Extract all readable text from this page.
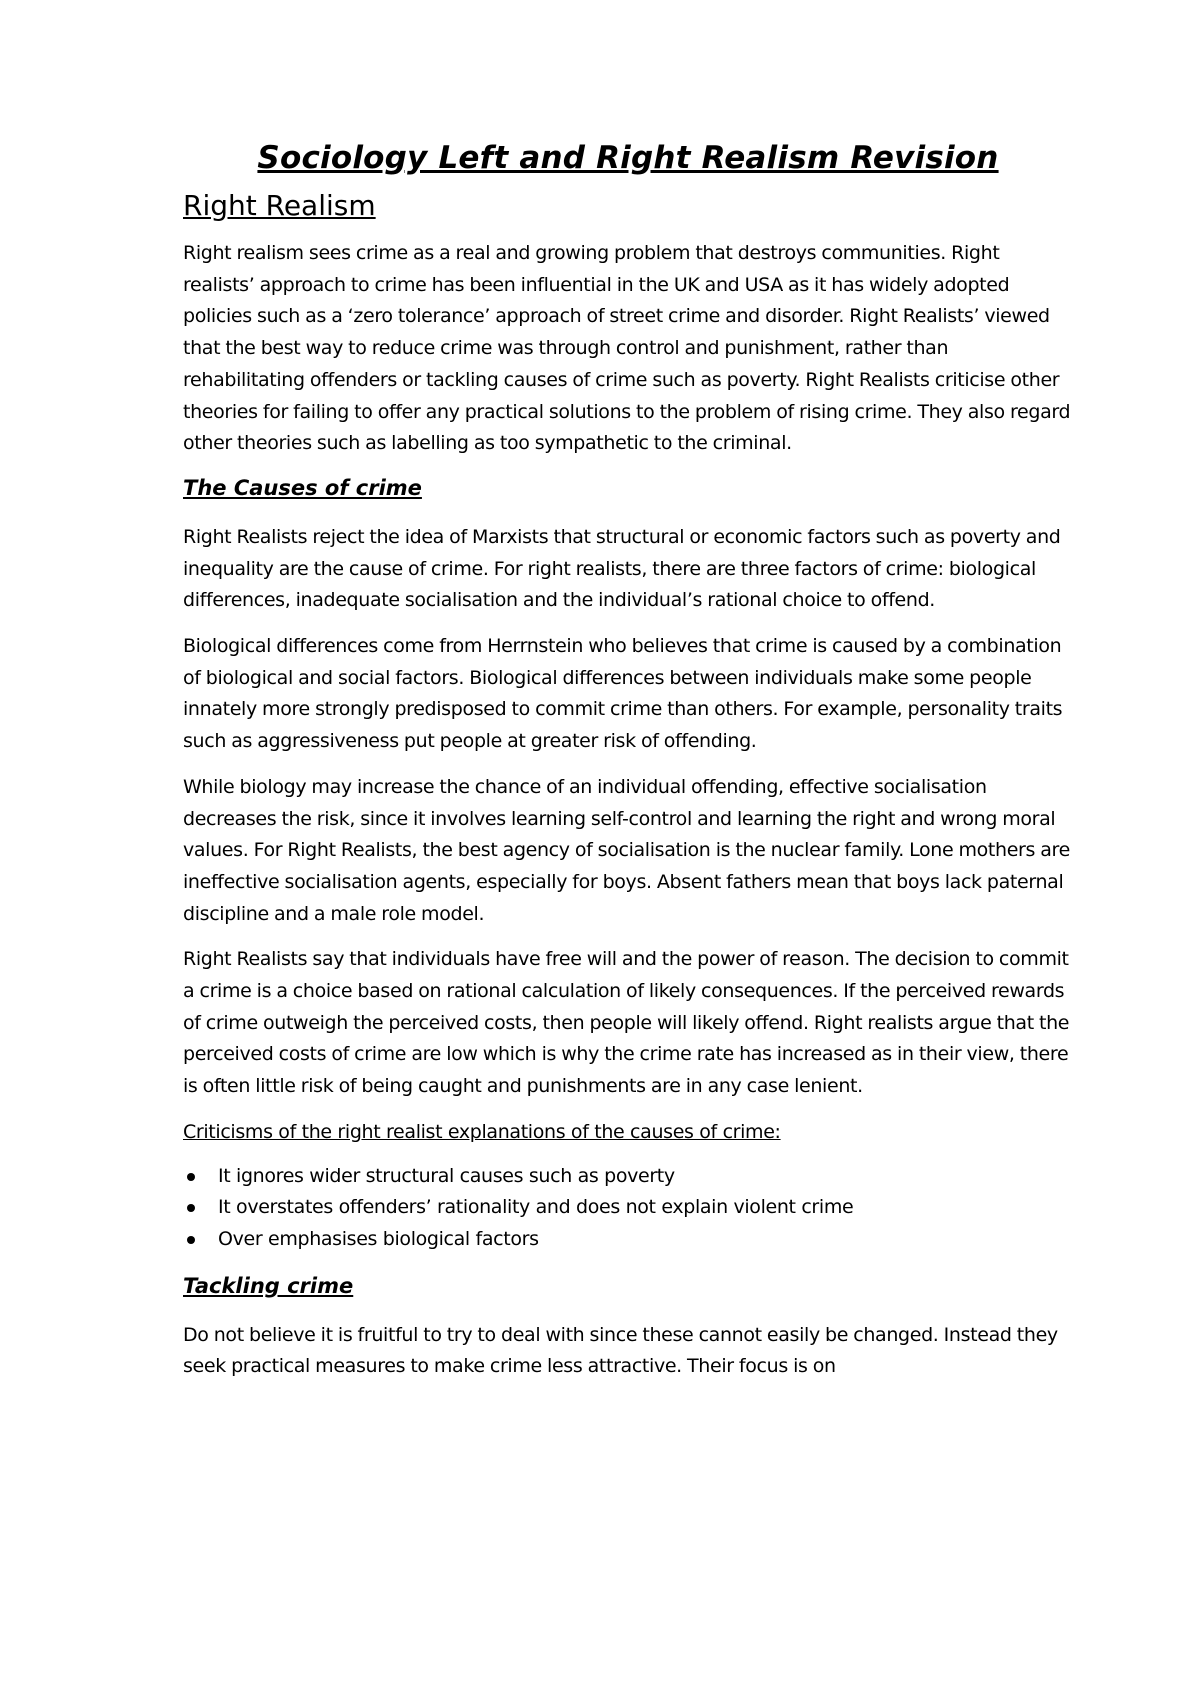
Sociology Left and Right Realism Revision
Right Realism

Right realism sees crime as a real and growing problem that destroys communities. Right realists’ approach to crime has been influential in the UK and USA as it has widely adopted policies such as a ‘zero tolerance’ approach of street crime and disorder. Right Realists’ viewed that the best way to reduce crime was through control and punishment, rather than rehabilitating offenders or tackling causes of crime such as poverty. Right Realists criticise other theories for failing to offer any practical solutions to the problem of rising crime. They also regard other theories such as labelling as too sympathetic to the criminal.

The Causes of crime

Right Realists reject the idea of Marxists that structural or economic factors such as poverty and inequality are the cause of crime. For right realists, there are three factors of crime: biological differences, inadequate socialisation and the individual’s rational choice to offend.

Biological differences come from Herrnstein who believes that crime is caused by a combination of biological and social factors. Biological differences between individuals make some people innately more strongly predisposed to commit crime than others. For example, personality traits such as aggressiveness put people at greater risk of offending.

While biology may increase the chance of an individual offending, effective socialisation decreases the risk, since it involves learning self-control and learning the right and wrong moral values. For Right Realists, the best agency of socialisation is the nuclear family. Lone mothers are ineffective socialisation agents, especially for boys. Absent fathers mean that boys lack paternal discipline and a male role model.

Right Realists say that individuals have free will and the power of reason. The decision to commit a crime is a choice based on rational calculation of likely consequences. If the perceived rewards of crime outweigh the perceived costs, then people will likely offend. Right realists argue that the perceived costs of crime are low which is why the crime rate has increased as in their view, there is often little risk of being caught and punishments are in any case lenient.

Criticisms of the right realist explanations of the causes of crime:
It ignores wider structural causes such as poverty
It overstates offenders’ rationality and does not explain violent crime
Over emphasises biological factors
Tackling crime

Do not believe it is fruitful to try to deal with since these cannot easily be changed. Instead they seek practical measures to make crime less attractive. Their focus is on
